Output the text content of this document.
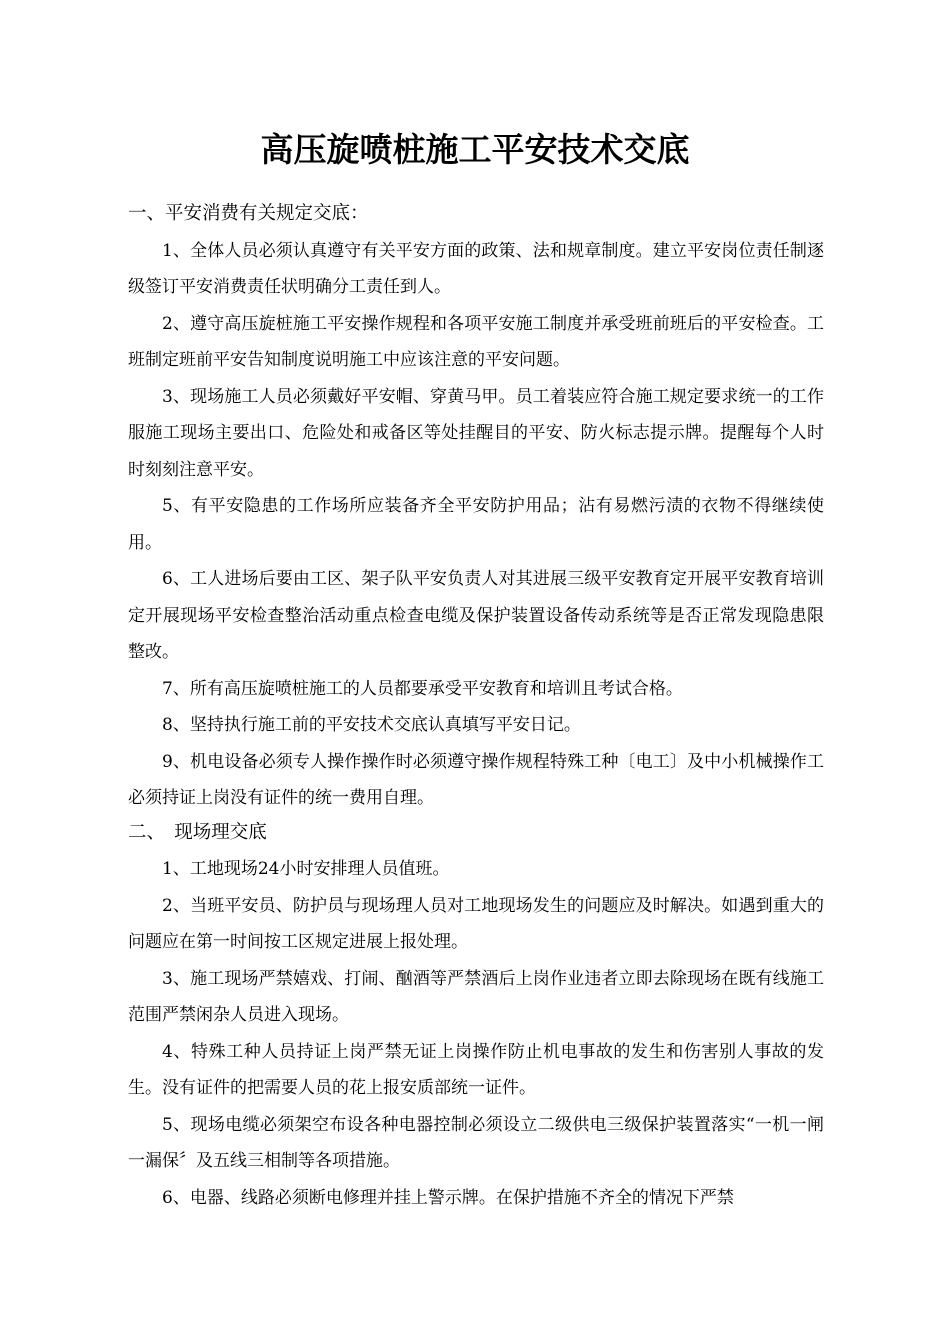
高压旋喷桩施工平安技术交底

一、平安消费有关规定交底：

1、全体人员必须认真遵守有关平安方面的政策、法和规章制度。建立平安岗位责任制逐级签订平安消费责任状明确分工责任到人。

2、遵守高压旋桩施工平安操作规程和各项平安施工制度并承受班前班后的平安检查。工班制定班前平安告知制度说明施工中应该注意的平安问题。

3、现场施工人员必须戴好平安帽、穿黄马甲。员工着装应符合施工规定要求统一的工作服施工现场主要出口、危险处和戒备区等处挂醒目的平安、防火标志提示牌。提醒每个人时时刻刻注意平安。

5、有平安隐患的工作场所应装备齐全平安防护用品；沾有易燃污渍的衣物不得继续使用。

6、工人进场后要由工区、架子队平安负责人对其进展三级平安教育定开展平安教育培训定开展现场平安检查整治活动重点检查电缆及保护装置设备传动系统等是否正常发现隐患限整改。

7、所有高压旋喷桩施工的人员都要承受平安教育和培训且考试合格。

8、坚持执行施工前的平安技术交底认真填写平安日记。

9、机电设备必须专人操作操作时必须遵守操作规程特殊工种〔电工〕及中小机械操作工必须持证上岗没有证件的统一费用自理。

二、　现场理交底

1、工地现场24小时安排理人员值班。

2、当班平安员、防护员与现场理人员对工地现场发生的问题应及时解决。如遇到重大的问题应在第一时间按工区规定进展上报处理。

3、施工现场严禁嬉戏、打闹、酗酒等严禁酒后上岗作业违者立即去除现场在既有线施工范围严禁闲杂人员进入现场。

4、特殊工种人员持证上岗严禁无证上岗操作防止机电事故的发生和伤害别人事故的发生。没有证件的把需要人员的花上报安质部统一证件。

5、现场电缆必须架空布设各种电器控制必须设立二级供电三级保护装置落实“一机一闸一漏保〞及五线三相制等各项措施。

6、电器、线路必须断电修理并挂上警示牌。在保护措施不齐全的情况下严禁
